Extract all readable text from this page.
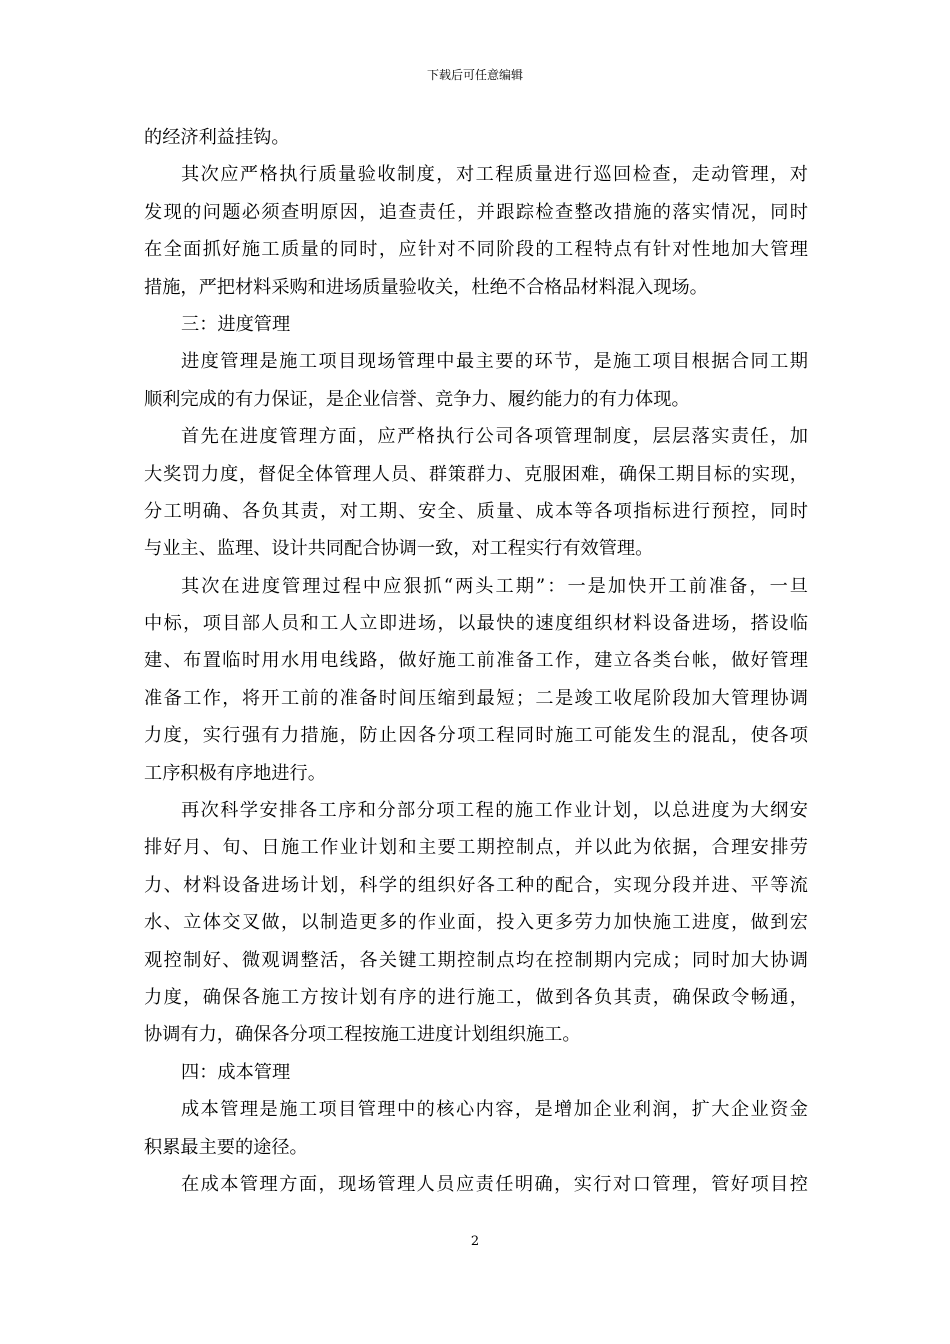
下载后可任意编辑
的经济利益挂钩。
其次应严格执行质量验收制度，对工程质量进行巡回检查，走动管理，对
发现的问题必须查明原因，追查责任，并跟踪检查整改措施的落实情况，同时
在全面抓好施工质量的同时，应针对不同阶段的工程特点有针对性地加大管理
措施，严把材料采购和进场质量验收关，杜绝不合格品材料混入现场。
三：进度管理
进度管理是施工项目现场管理中最主要的环节，是施工项目根据合同工期
顺利完成的有力保证，是企业信誉、竞争力、履约能力的有力体现。
首先在进度管理方面，应严格执行公司各项管理制度，层层落实责任，加
大奖罚力度，督促全体管理人员、群策群力、克服困难，确保工期目标的实现，
分工明确、各负其责，对工期、安全、质量、成本等各项指标进行预控，同时
与业主、监理、设计共同配合协调一致，对工程实行有效管理。
其次在进度管理过程中应狠抓“两头工期”：一是加快开工前准备，一旦
中标，项目部人员和工人立即进场，以最快的速度组织材料设备进场，搭设临
建、布置临时用水用电线路，做好施工前准备工作，建立各类台帐，做好管理
准备工作，将开工前的准备时间压缩到最短；二是竣工收尾阶段加大管理协调
力度，实行强有力措施，防止因各分项工程同时施工可能发生的混乱，使各项
工序积极有序地进行。
再次科学安排各工序和分部分项工程的施工作业计划，以总进度为大纲安
排好月、旬、日施工作业计划和主要工期控制点，并以此为依据，合理安排劳
力、材料设备进场计划，科学的组织好各工种的配合，实现分段并进、平等流
水、立体交叉做，以制造更多的作业面，投入更多劳力加快施工进度，做到宏
观控制好、微观调整活，各关键工期控制点均在控制期内完成；同时加大协调
力度，确保各施工方按计划有序的进行施工，做到各负其责，确保政令畅通，
协调有力，确保各分项工程按施工进度计划组织施工。
四：成本管理
成本管理是施工项目管理中的核心内容，是增加企业利润，扩大企业资金
积累最主要的途径。
在成本管理方面，现场管理人员应责任明确，实行对口管理，管好项目控
2
